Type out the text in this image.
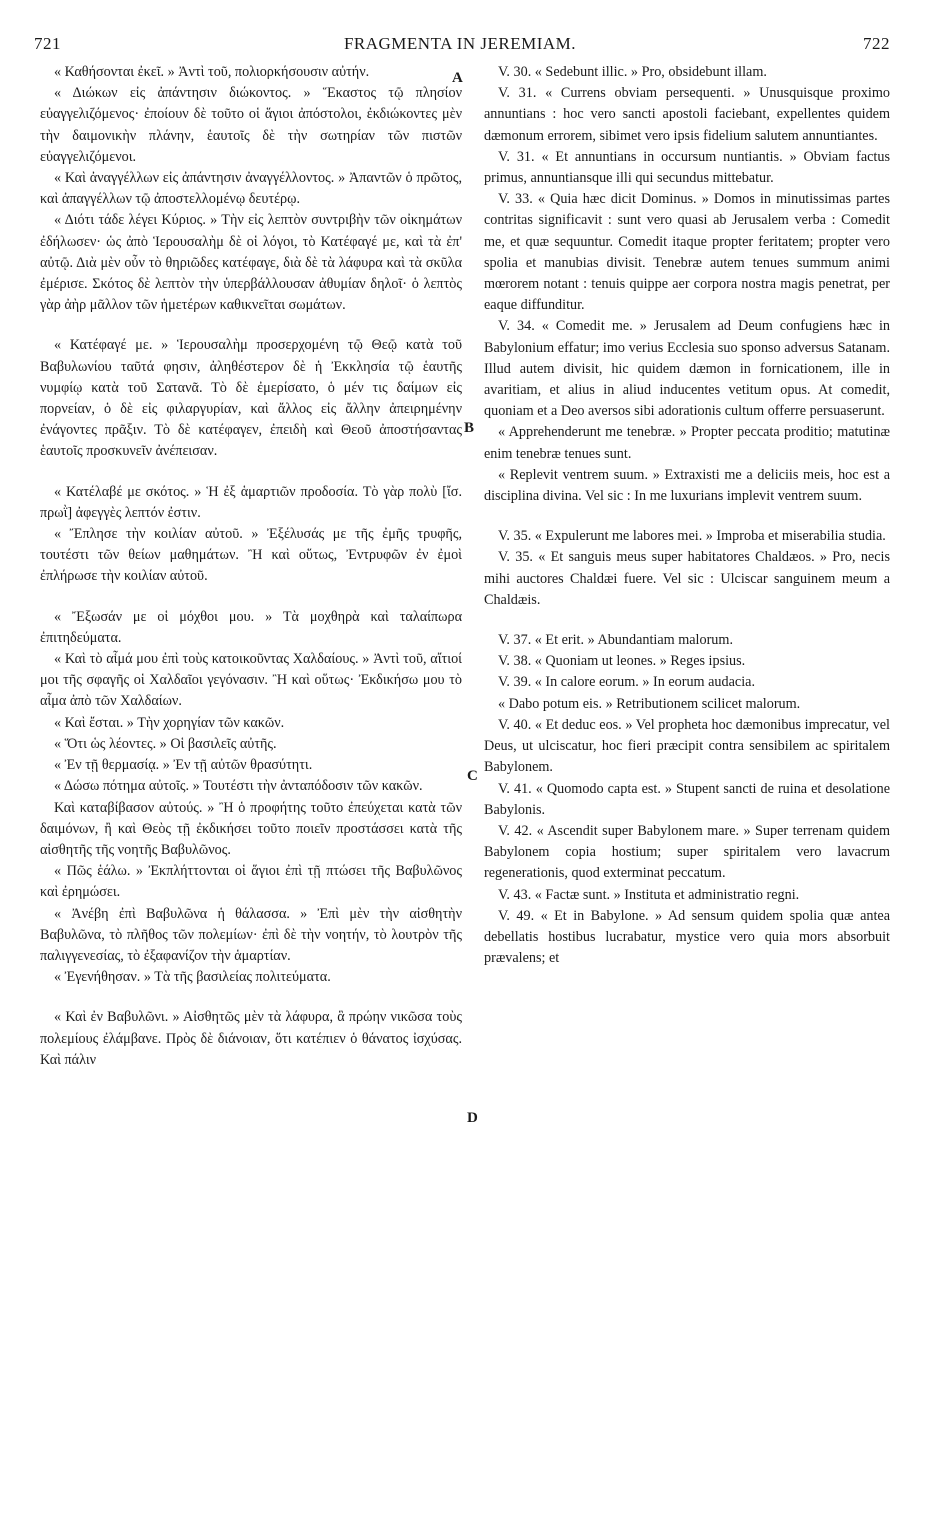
721	FRAGMENTA IN JEREMIAM.	722
A
B
C
D

« Καθήσονται ἐκεῖ. » Ἀντὶ τοῦ, πολιορκήσουσιν αὐτήν.

« Διώκων εἰς ἀπάντησιν διώκοντος. » Ἕκαστος τῷ πλησίον εὐαγγελιζόμενος· ἐποίουν δὲ τοῦτο οἱ ἅγιοι ἀπόστολοι, ἐκδιώκοντες μὲν τὴν δαιμονικὴν πλάνην, ἑαυτοῖς δὲ τὴν σωτηρίαν τῶν πιστῶν εὐαγγελιζόμενοι.

« Καὶ ἀναγγέλλων εἰς ἀπάντησιν ἀναγγέλλοντος. » Ἀπαντῶν ὁ πρῶτος, καὶ ἀπαγγέλλων τῷ ἀποστελλομένῳ δευτέρῳ.

« Διότι τάδε λέγει Κύριος. » Τὴν εἰς λεπτὸν συντριβὴν τῶν οἰκημάτων ἐδήλωσεν· ὡς ἀπὸ Ἱερουσαλὴμ δὲ οἱ λόγοι, τὸ Κατέφαγέ με, καὶ τὰ ἐπ' αὐτῷ. Διὰ μὲν οὖν τὸ θηριῶδες κατέφαγε, διὰ δὲ τὰ λάφυρα καὶ τὰ σκῦλα ἐμέρισε. Σκότος δὲ λεπτὸν τὴν ὑπερβάλλουσαν ἀθυμίαν δηλοῖ· ὁ λεπτὸς γὰρ ἀὴρ μᾶλλον τῶν ἡμετέρων καθικνεῖται σωμάτων.

« Κατέφαγέ με. » Ἱερουσαλὴμ προσερχομένη τῷ Θεῷ κατὰ τοῦ Βαβυλωνίου ταῦτά φησιν, ἀληθέστερον δὲ ἡ Ἐκκλησία τῷ ἑαυτῆς νυμφίῳ κατὰ τοῦ Σατανᾶ. Τὸ δὲ ἐμερίσατο, ὁ μέν τις δαίμων εἰς πορνείαν, ὁ δὲ εἰς φιλαργυρίαν, καὶ ἄλλος εἰς ἄλλην ἀπειρημένην ἐνάγοντες πρᾶξιν. Τὸ δὲ κατέφαγεν, ἐπειδὴ καὶ Θεοῦ ἀποστήσαντας ἑαυτοῖς προσκυνεῖν ἀνέπεισαν.

« Κατέλαβέ με σκότος. » Ἡ ἐξ ἁμαρτιῶν προδοσία. Τὸ γὰρ πολὺ [ἴσ. πρωῒ] ἀφεγγὲς λεπτόν ἐστιν.

« Ἔπλησε τὴν κοιλίαν αὐτοῦ. » Ἐξέλυσάς με τῆς ἐμῆς τρυφῆς, τουτέστι τῶν θείων μαθημάτων. Ἢ καὶ οὕτως, Ἐντρυφῶν ἐν ἐμοὶ ἐπλήρωσε τὴν κοιλίαν αὐτοῦ.

« Ἔξωσάν με οἱ μόχθοι μου. » Τὰ μοχθηρὰ καὶ ταλαίπωρα ἐπιτηδεύματα.

« Καὶ τὸ αἷμά μου ἐπὶ τοὺς κατοικοῦντας Χαλδαίους. » Ἀντὶ τοῦ, αἴτιοί μοι τῆς σφαγῆς οἱ Χαλδαῖοι γεγόνασιν. Ἢ καὶ οὕτως· Ἐκδικήσω μου τὸ αἷμα ἀπὸ τῶν Χαλδαίων.

« Καὶ ἔσται. » Τὴν χορηγίαν τῶν κακῶν.

« Ὅτι ὡς λέοντες. » Οἱ βασιλεῖς αὐτῆς.

« Ἐν τῇ θερμασίᾳ. » Ἐν τῇ αὐτῶν θρασύτητι.

« Δώσω πότημα αὐτοῖς. » Τουτέστι τὴν ἀνταπόδοσιν τῶν κακῶν.

Καὶ καταβίβασον αὐτούς. » Ἢ ὁ προφήτης τοῦτο ἐπεύχεται κατὰ τῶν δαιμόνων, ἢ καὶ Θεὸς τῇ ἐκδικήσει τοῦτο ποιεῖν προστάσσει κατὰ τῆς αἰσθητῆς τῆς νοητῆς Βαβυλῶνος.

« Πῶς ἑάλω. » Ἐκπλήττονται οἱ ἅγιοι ἐπὶ τῇ πτώσει τῆς Βαβυλῶνος καὶ ἐρημώσει.

« Ἀνέβη ἐπὶ Βαβυλῶνα ἡ θάλασσα. » Ἐπὶ μὲν τὴν αἰσθητὴν Βαβυλῶνα, τὸ πλῆθος τῶν πολεμίων· ἐπὶ δὲ τὴν νοητήν, τὸ λουτρὸν τῆς παλιγγενεσίας, τὸ ἐξαφανίζον τὴν ἁμαρτίαν.

« Ἐγενήθησαν. » Τὰ τῆς βασιλείας πολιτεύματα.

« Καὶ ἐν Βαβυλῶνι. » Αἰσθητῶς μὲν τὰ λάφυρα, ἃ πρώην νικῶσα τοὺς πολεμίους ἐλάμβανε. Πρὸς δὲ διάνοιαν, ὅτι κατέπιεν ὁ θάνατος ἰσχύσας. Καὶ πάλιν

V. 30. « Sedebunt illic. » Pro, obsidebunt illam.

V. 31. « Currens obviam persequenti. » Unusquisque proximo annuntians : hoc vero sancti apostoli faciebant, expellentes quidem dæmonum errorem, sibimet vero ipsis fidelium salutem annuntiantes.

V. 31. « Et annuntians in occursum nuntiantis. » Obviam factus primus, annuntiansque illi qui secundus mittebatur.

V. 33. « Quia hæc dicit Dominus. » Domos in minutissimas partes contritas significavit : sunt vero quasi ab Jerusalem verba : Comedit me, et quæ sequuntur. Comedit itaque propter feritatem; propter vero spolia et manubias divisit. Tenebræ autem tenues summum animi mœrorem notant : tenuis quippe aer corpora nostra magis penetrat, per eaque diffunditur.

V. 34. « Comedit me. » Jerusalem ad Deum confugiens hæc in Babylonium effatur; imo verius Ecclesia suo sponso adversus Satanam. Illud autem divisit, hic quidem dæmon in fornicationem, ille in avaritiam, et alius in aliud inducentes vetitum opus. At comedit, quoniam et a Deo aversos sibi adorationis cultum offerre persuaserunt.

« Apprehenderunt me tenebræ. » Propter peccata proditio; matutinæ enim tenebræ tenues sunt.

« Replevit ventrem suum. » Extraxisti me a deliciis meis, hoc est a disciplina divina. Vel sic : In me luxurians implevit ventrem suum.

V. 35. « Expulerunt me labores mei. » Improba et miserabilia studia.

V. 35. « Et sanguis meus super habitatores Chaldæos. » Pro, necis mihi auctores Chaldæi fuere. Vel sic : Ulciscar sanguinem meum a Chaldæis.

V. 37. « Et erit. » Abundantiam malorum.

V. 38. « Quoniam ut leones. » Reges ipsius.

V. 39. « In calore eorum. » In eorum audacia.

« Dabo potum eis. » Retributionem scilicet malorum.

V. 40. « Et deduc eos. » Vel propheta hoc dæmonibus imprecatur, vel Deus, ut ulciscatur, hoc fieri præcipit contra sensibilem ac spiritalem Babylonem.

V. 41. « Quomodo capta est. » Stupent sancti de ruina et desolatione Babylonis.

V. 42. « Ascendit super Babylonem mare. » Super terrenam quidem Babylonem copia hostium; super spiritalem vero lavacrum regenerationis, quod exterminat peccatum.

V. 43. « Factæ sunt. » Instituta et administratio regni.

V. 49. « Et in Babylone. » Ad sensum quidem spolia quæ antea debellatis hostibus lucrabatur, mystice vero quia mors absorbuit prævalens; et
